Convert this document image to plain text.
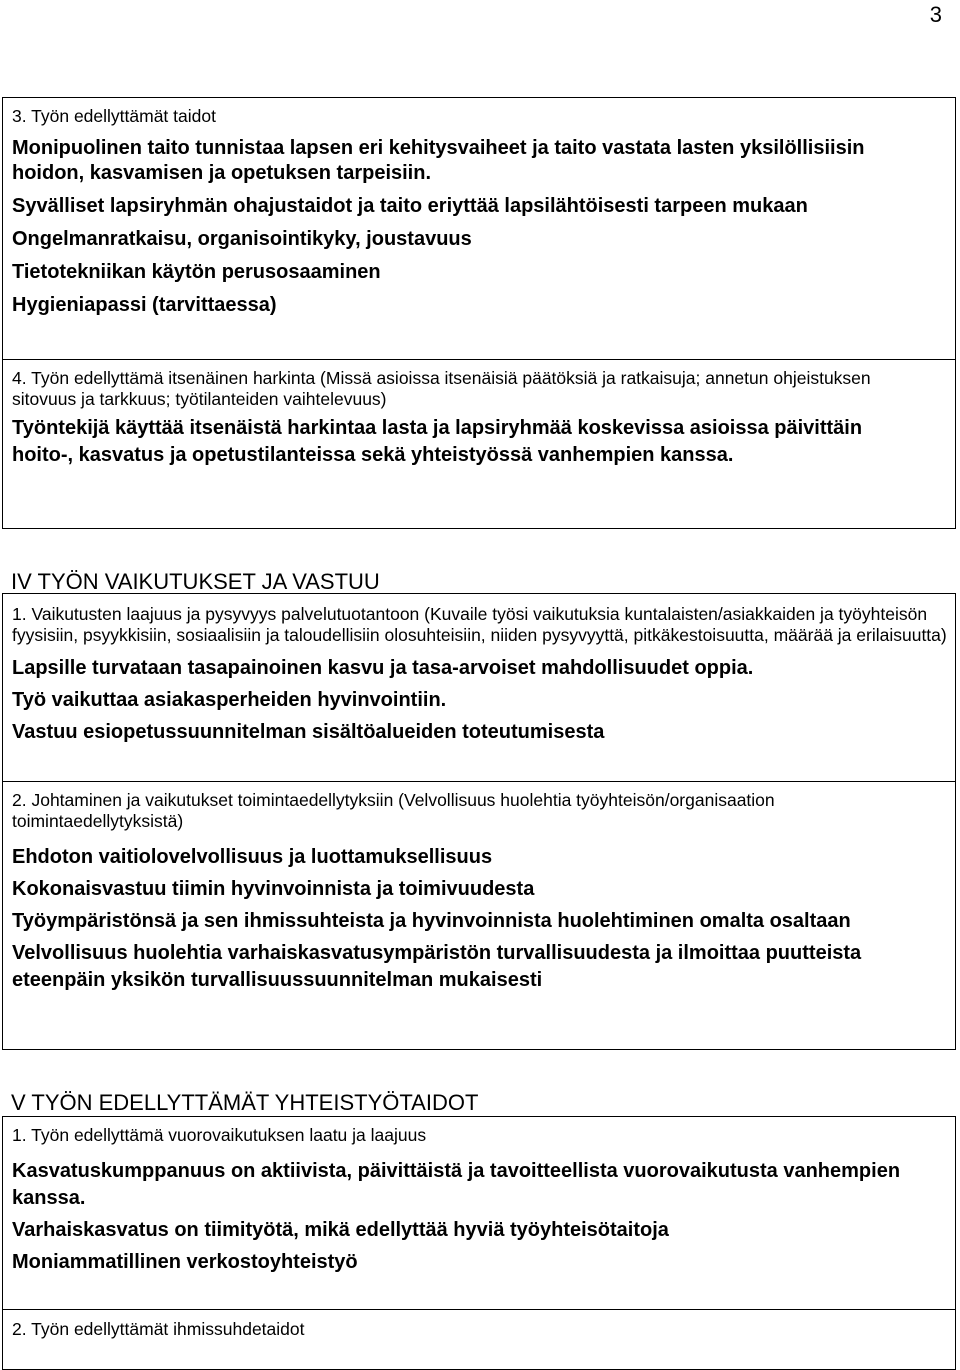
3

3. Työn edellyttämät taidot

Monipuolinen taito tunnistaa lapsen eri kehitysvaiheet ja taito vastata lasten yksilöllisiisin hoidon, kasvamisen ja opetuksen tarpeisiin.

Syvälliset lapsiryhmän ohajustaidot ja taito eriyttää lapsilähtöisesti tarpeen mukaan

Ongelmanratkaisu, organisointikyky, joustavuus

Tietotekniikan käytön perusosaaminen

Hygieniapassi (tarvittaessa)

4. Työn edellyttämä itsenäinen harkinta (Missä asioissa itsenäisiä päätöksiä ja ratkaisuja; annetun ohjeistuksen sitovuus ja tarkkuus; työtilanteiden vaihtelevuus)

Työntekijä käyttää itsenäistä harkintaa lasta ja lapsiryhmää koskevissa asioissa päivittäin hoito-, kasvatus ja opetustilanteissa sekä yhteistyössä vanhempien kanssa.

IV TYÖN VAIKUTUKSET JA VASTUU

1. Vaikutusten laajuus ja pysyvyys palvelutuotantoon (Kuvaile työsi vaikutuksia kuntalaisten/asiakkaiden ja työyhteisön fyysisiin, psyykkisiin, sosiaalisiin ja taloudellisiin olosuhteisiin, niiden pysyvyyttä, pitkäkestoisuutta, määrää ja erilaisuutta)

Lapsille turvataan tasapainoinen kasvu ja tasa-arvoiset mahdollisuudet oppia.

Työ vaikuttaa asiakasperheiden hyvinvointiin.

Vastuu esiopetussuunnitelman sisältöalueiden toteutumisesta

2. Johtaminen ja vaikutukset toimintaedellytyksiin (Velvollisuus huolehtia työyhteisön/organisaation toimintaedellytyksistä)

Ehdoton vaitiolovelvollisuus ja luottamuksellisuus

Kokonaisvastuu tiimin hyvinvoinnista ja toimivuudesta

Työympäristönsä ja sen ihmissuhteista ja hyvinvoinnista huolehtiminen omalta osaltaan

Velvollisuus huolehtia varhaiskasvatusympäristön turvallisuudesta ja ilmoittaa puutteista eteenpäin yksikön turvallisuussuunnitelman mukaisesti

V TYÖN EDELLYTTÄMÄT YHTEISTYÖTAIDOT

1. Työn edellyttämä vuorovaikutuksen laatu ja laajuus

Kasvatuskumppanuus on aktiivista, päivittäistä ja tavoitteellista vuorovaikutusta vanhempien kanssa.

Varhaiskasvatus on tiimityötä, mikä edellyttää hyviä työyhteisötaitoja

Moniammatillinen verkostoyhteistyö

2. Työn edellyttämät ihmissuhdetaidot
